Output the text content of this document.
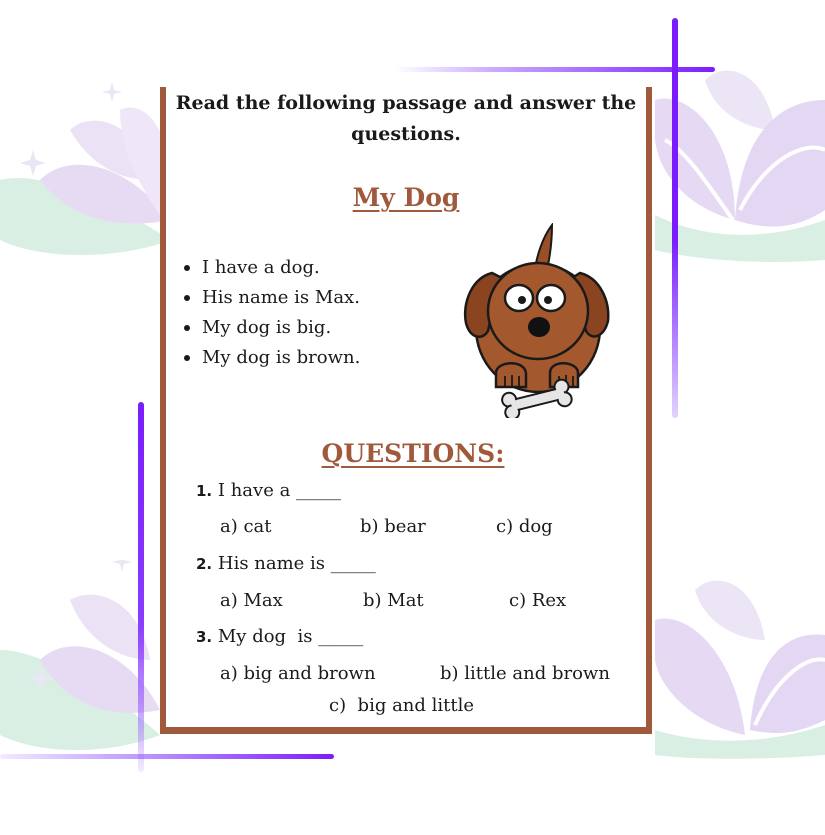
Read the following passage and answer the
questions.
My Dog
I have a dog.
His name is Max.
My dog is big.
My dog is brown.
QUESTIONS:
1. I have a _____
a) cat	b) bear	c) dog
2. His name is _____
a) Max	b) Mat	c) Rex
3. My dog  is _____
a) big and brown	b) little and brown
c)  big and little
